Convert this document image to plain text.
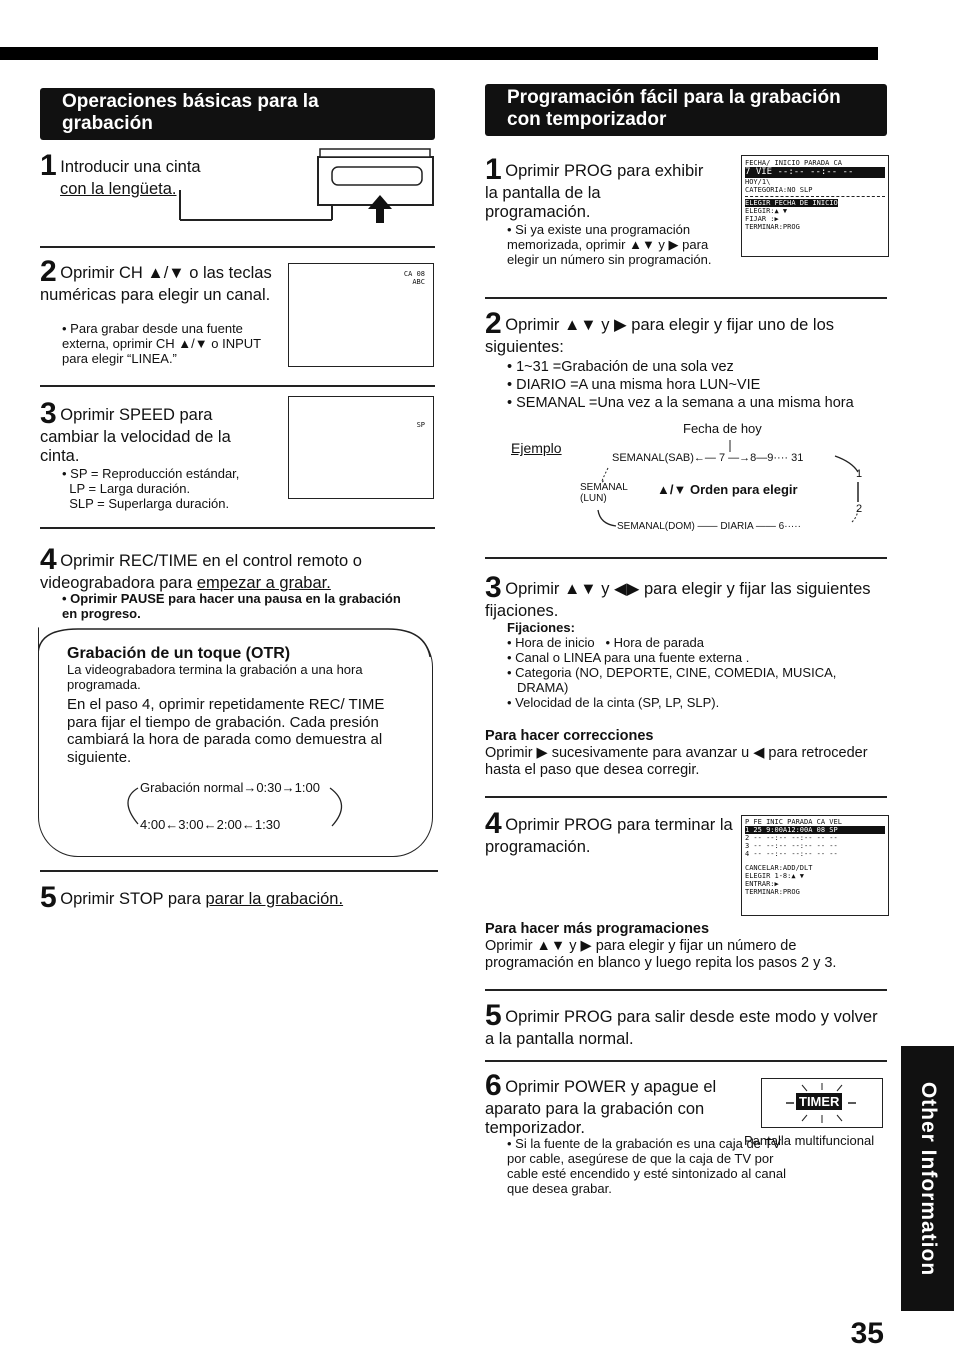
Operaciones básicas para la grabación
1 Introducir una cinta
con la lengüeta.
2 Oprimir CH ▲/▼ o las teclas numéricas para elegir un canal.
• Para grabar desde una fuente externa, oprimir CH ▲/▼ o INPUT para elegir “LINEA.”
CA 08
ABC
3 Oprimir SPEED para cambiar la velocidad de la cinta.
• SP = Reproducción estándar,
LP = Larga duración.
SLP = Superlarga duración.
SP
4 Oprimir REC/TIME en el control remoto o videograbadora para empezar a grabar.
• Oprimir PAUSE para hacer una pausa en la grabación en progreso.
Grabación de un toque (OTR)
La videograbadora termina la grabación a una hora programada.
En el paso 4, oprimir repetidamente REC/ TIME para fijar el tiempo de grabación. Cada presión cambiará la hora de parada como demuestra al siguiente.
Grabación normal→0:30→1:00
4:00←3:00←2:00←1:30
5 Oprimir STOP para parar la grabación.
Programación fácil para la grabación con temporizador
1 Oprimir PROG para exhibir la pantalla de la programación.
• Si ya existe una programación memorizada, oprimir ▲▼ y ▶ para elegir un número sin programación.
FECHA/ INICIO PARADA CA
7 VIE --:-- --:-- --
HOY/1\
CATEGORIA:NO SLP
ELEGIR FECHA DE INICIO
ELEGIR:▲ ▼
FIJAR :▶
TERMINAR:PROG
2 Oprimir ▲▼ y ▶ para elegir y fijar uno de los siguientes:
• 1~31 =Grabación de una sola vez
• DIARIO =A una misma hora LUN~VIE
• SEMANAL =Una vez a la semana a una misma hora
Ejemplo
Fecha de hoy
SEMANAL(SAB)←— 7 —→8—9···· 31
SEMANAL
(LUN)
▲/▼ Orden para elegir
SEMANAL(DOM) —— DIARIA —— 6·····
1
2
3 Oprimir ▲▼ y ◀▶ para elegir y fijar las siguientes fijaciones.
Fijaciones:
• Hora de inicio   • Hora de parada
• Canal o LINEA para una fuente externa .

• Categoria (NO, DEPORTE, CINE, COMEDIA, MUSICA, DRAMA)
• Velocidad de la cinta (SP, LP, SLP).
Para hacer correcciones
Oprimir ▶ sucesivamente para avanzar u ◀ para retroceder hasta el paso que desea corregir.
4 Oprimir PROG para terminar la programación.
P FE INIC PARADA CA VEL
1 25 9:00A12:00A 08 SP
2 -- --:-- --:-- -- --
3 -- --:-- --:-- -- --
4 -- --:-- --:-- -- --
CANCELAR:ADD/DLT
ELEGIR 1-8:▲ ▼
ENTRAR:▶
TERMINAR:PROG
Para hacer más programaciones
Oprimir ▲▼ y ▶ para elegir y fijar un número de programación en blanco y luego repita los pasos 2 y 3.
5 Oprimir PROG para salir desde este modo y volver a la pantalla normal.
6 Oprimir POWER y apague el aparato para la grabación con temporizador.
TIMER
Pantalla multifuncional
• Si la fuente de la grabación es una caja de TV por cable, asegúrese de que la caja de TV por cable esté encendido y esté sintonizado al canal que desea grabar.	Other Information
35
